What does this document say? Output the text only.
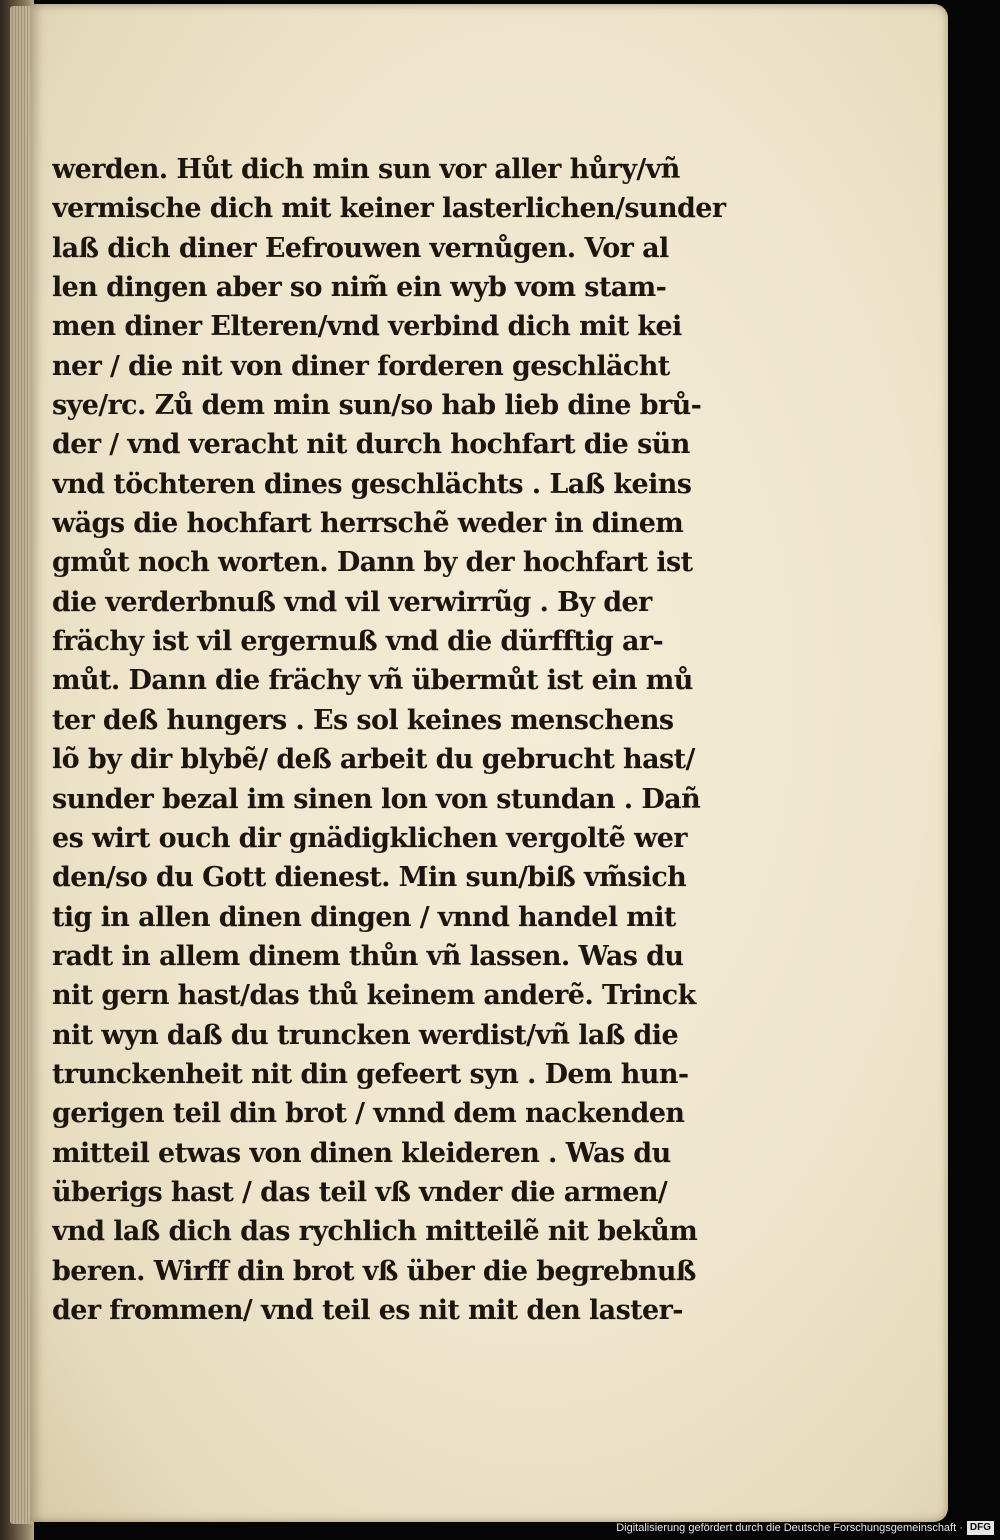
werden. Hůt dich min sun vor aller hůry/vñ
vermische dich mit keiner lasterlichen/sunder
laß dich diner Eefrouwen vernůgen. Vor al
len dingen aber so nim̃ ein wyb vom stam-
men diner Elteren/vnd verbind dich mit kei
ner / die nit von diner forderen geschlächt
sye/rc. Zů dem min sun/so hab lieb dine brů-
der / vnd veracht nit durch hochfart die sün
vnd töchteren dines geschlächts . Laß keins
wägs die hochfart herrschẽ weder in dinem
gmůt noch worten. Dann by der hochfart ist
die verderbnuß vnd vil verwirrũg . By der
frächy ist vil ergernuß vnd die dürfftig ar-
můt. Dann die frächy vñ übermůt ist ein mů
ter deß hungers . Es sol keines menschens
lõ by dir blybẽ/ deß arbeit du gebrucht hast/
sunder bezal im sinen lon von stundan . Dañ
es wirt ouch dir gnädigklichen vergoltẽ wer
den/so du Gott dienest. Min sun/biß vm̃sich
tig in allen dinen dingen / vnnd handel mit
radt in allem dinem thůn vñ lassen. Was du
nit gern hast/das thů keinem anderẽ. Trinck
nit wyn daß du truncken werdist/vñ laß die
trunckenheit nit din gefeert syn . Dem hun-
gerigen teil din brot / vnnd dem nackenden
mitteil etwas von dinen kleideren . Was du
überigs hast / das teil vß vnder die armen/
vnd laß dich das rychlich mitteilẽ nit bekům
beren. Wirff din brot vß über die begrebnuß
der frommen/ vnd teil es nit mit den laster-
Digitalisierung gefördert durch die Deutsche Forschungsgemeinschaft · DFG
